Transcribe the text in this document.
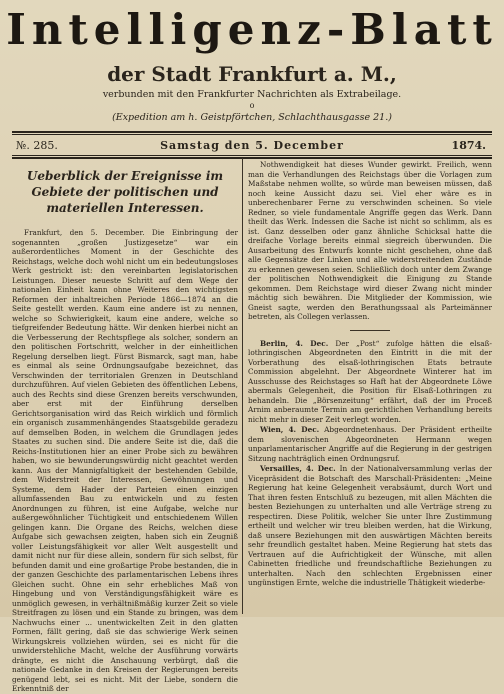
Intelligenz-Blatt
der Stadt Frankfurt a. M.,
verbunden mit den Frankfurter Nachrichten als Extrabeilage.
o
(Expedition am h. Geistpförtchen, Schlachthausgasse 21.)
№. 285.	Samstag den 5. December	1874.
Ueberblick der Ereignisse im Gebiete der politischen und materiellen Interessen.

Frankfurt, den 5. December. Die Einbringung der sogenannten „großen Justizgesetze“ war ein außerordentliches Moment in der Geschichte des Reichstags, welche doch wohl nicht um ein bedeutungsloses Werk gestrickt ist: den vereinbarten legislatorischen Leistungen. Dieser neueste Schritt auf dem Wege der nationalen Einheit kann ohne Weiteres den wichtigsten Reformen der inhaltreichen Periode 1866—1874 an die Seite gestellt werden. Kaum eine andere ist zu nennen, welche so Schwierigkeit, kaum eine andere, welche so tiefgreifender Bedeutung hätte. Wir denken hierbei nicht an die Verbesserung der Rechtspflege als solcher, sondern an den politischen Fortschritt, welcher in der einheitlichen Regelung derselben liegt. Fürst Bismarck, sagt man, habe es einmal als seine Ordnungsaufgabe bezeichnet, das Verschwinden der territorialen Grenzen in Deutschland durchzuführen. Auf vielen Gebieten des öffentlichen Lebens, auch des Rechts sind diese Grenzen bereits verschwunden, aber erst mit der Einführung derselben Gerichtsorganisation wird das Reich wirklich und förmlich ein organisch zusammenhängendes Staatsgebilde geradezu auf demselben Boden, in welchem die Grundlagen jedes Staates zu suchen sind. Die andere Seite ist die, daß die Reichs-Institutionen hier an einer Probe sich zu bewähren haben, wo sie bewunderungswürdig nicht geachtet werden kann. Aus der Mannigfaltigkeit der bestehenden Gebilde, dem Widerstreit der Interessen, Gewöhnungen und Systeme, dem Hader der Parteien einen einzigen allumfassenden Bau zu entwickeln und zu festen Anordnungen zu führen, ist eine Aufgabe, welche nur außergewöhnlicher Tüchtigkeit und entschiedenem Willen gelingen kann. Die Organe des Reichs, welchen diese Aufgabe sich gewachsen zeigten, haben sich ein Zeugniß voller Leistungsfähigkeit vor aller Welt ausgestellt und damit nicht nur für diese allein, sondern für sich selbst, für befunden damit und eine großartige Probe bestanden, die in der ganzen Geschichte des parlamentarischen Lebens ihres Gleichen sucht. Ohne ein sehr erhebliches Maß von Hingebung und von Verständigungsfähigkeit wäre es unmöglich gewesen, in verhältnißmäßig kurzer Zeit so viele Streitfragen zu lösen und ein Stande zu bringen, was dem Nachwuchs einer ... unentwickelten Zeit in den glatten Formen, fällt gering, daß sie das schwierige Werk seinen Wirkungskreis vollziehen würden, sei es nicht für die unwiderstehliche Macht, welche der Ausführung vorwärts drängte, es nicht die Anschauung verbürgt, daß die nationale Gedanke in den Kreisen der Regierungen bereits genügend lebt, sei es nicht. Mit der Liebe, sondern die Erkenntniß der

Nothwendigkeit hat dieses Wunder gewirkt. Freilich, wenn man die Verhandlungen des Reichstags über die Vorlagen zum Maßstabe nehmen wollte, so würde man beweisen müssen, daß noch keine Aussicht dazu sei. Viel eher wäre es in unberechenbarer Ferne zu verschwinden scheinen. So viele Redner, so viele fundamentale Angriffe gegen das Werk. Dann theilt das Werk. Indessen die Sache ist nicht so schlimm, als es ist. Ganz desselben oder ganz ähnliche Schicksal hatte die dreifache Vorlage bereits einmal siegreich überwunden. Die Ausarbeitung des Entwurfs konnte nicht geschehen, ohne daß alle Gegensätze der Linken und alle widerstreitenden Zustände zu erkennen gewesen seien. Schließlich doch unter dem Zwange der politischen Nothwendigkeit die Einigung zu Stande gekommen. Dem Reichstage wird dieser Zwang nicht minder mächtig sich bewähren. Die Mitglieder der Kommission, wie Gneist sagte, werden den Berathungssaal als Parteimänner betreten, als Collegen verlassen.

Berlin, 4. Dec. Der „Post“ zufolge hätten die elsaß-lothringischen Abgeordneten den Eintritt in die mit der Vorberathung des elsaß-lothringischen Etats betraute Commission abgelehnt. Der Abgeordnete Winterer hat im Ausschusse des Reichstages so Haft hat der Abgeordnete Löwe abermals Gelegenheit, die Position für Elsaß-Lothringen zu behandeln. Die „Börsenzeitung“ erfährt, daß der im Proceß Arnim anberaumte Termin am gerichtlichen Verhandlung bereits nicht mehr in dieser Zeit verlegt worden.

Wien, 4. Dec. Abgeordnetenhaus. Der Präsident ertheilte dem slovenischen Abgeordneten Hermann wegen unparlamentarischer Angriffe auf die Regierung in der gestrigen Sitzung nachträglich einen Ordnungsruf.

Versailles, 4. Dec. In der Nationalversammlung verlas der Vicepräsident die Botschaft des Marschall-Präsidenten: „Meine Regierung hat keine Gelegenheit verabsäumt, durch Wort und That ihren festen Entschluß zu bezeugen, mit allen Mächten die besten Beziehungen zu unterhalten und alle Verträge streng zu respectiren. Diese Politik, welcher Sie unter Ihre Zustimmung ertheilt und welcher wir treu bleiben werden, hat die Wirkung, daß unsere Beziehungen mit den auswärtigen Mächten bereits sehr freundlich gestaltet haben. Meine Regierung hat stets das Vertrauen auf die Aufrichtigkeit der Wünsche, mit allen Cabinetten friedliche und freundschaftliche Beziehungen zu unterhalten. Nach den schlechten Ergebnissen einer ungünstigen Ernte, welche die industrielle Thätigkeit wiederbe-
